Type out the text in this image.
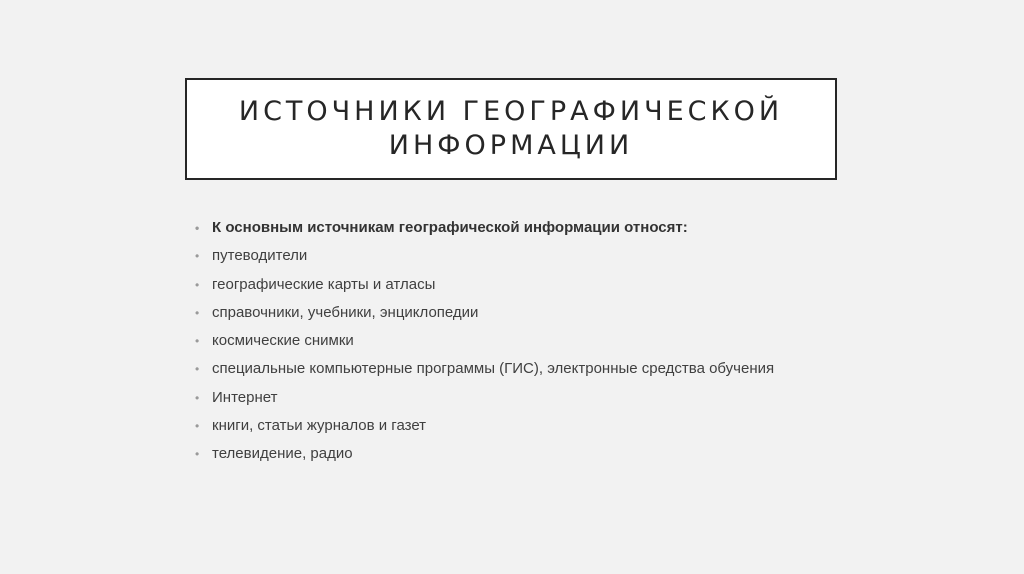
ИСТОЧНИКИ ГЕОГРАФИЧЕСКОЙ
ИНФОРМАЦИИ
• К основным источникам географической информации относят:
• путеводители
• географические карты и атласы
• справочники, учебники, энциклопедии
• космические снимки
• специальные компьютерные программы (ГИС), электронные средства обучения
• Интернет
• книги, статьи журналов и газет
• телевидение, радио
